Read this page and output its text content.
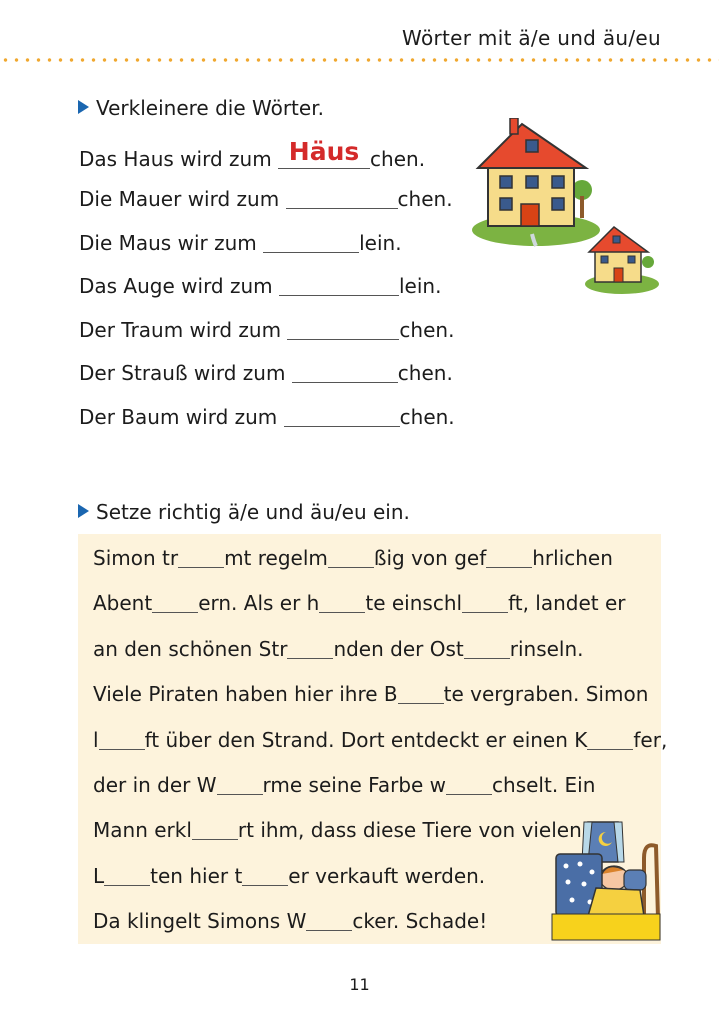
Wörter mit ä/e und äu/eu
Verkleinere die Wörter.
Das Haus wird zum Häus chen.
Die Mauer wird zum	chen.
Die Maus wir zum	lein.
Das Auge wird zum	lein.
Der Traum wird zum	chen.
Der Strauß wird zum	chen.
Der Baum wird zum	chen.
Setze richtig ä/e und äu/eu ein.
Simon tr mt regelm ßig von gef hrlichen
Abent ern. Als er h te einschl ft, landet er
an den schönen Str nden der Ost rinseln.
Viele Piraten haben hier ihre B te vergraben. Simon
l ft über den Strand. Dort entdeckt er einen K fer,
der in der W rme seine Farbe w chselt. Ein
Mann erkl rt ihm, dass diese Tiere von vielen
L ten hier t er verkauft werden.
Da klingelt Simons W cker. Schade!
11
